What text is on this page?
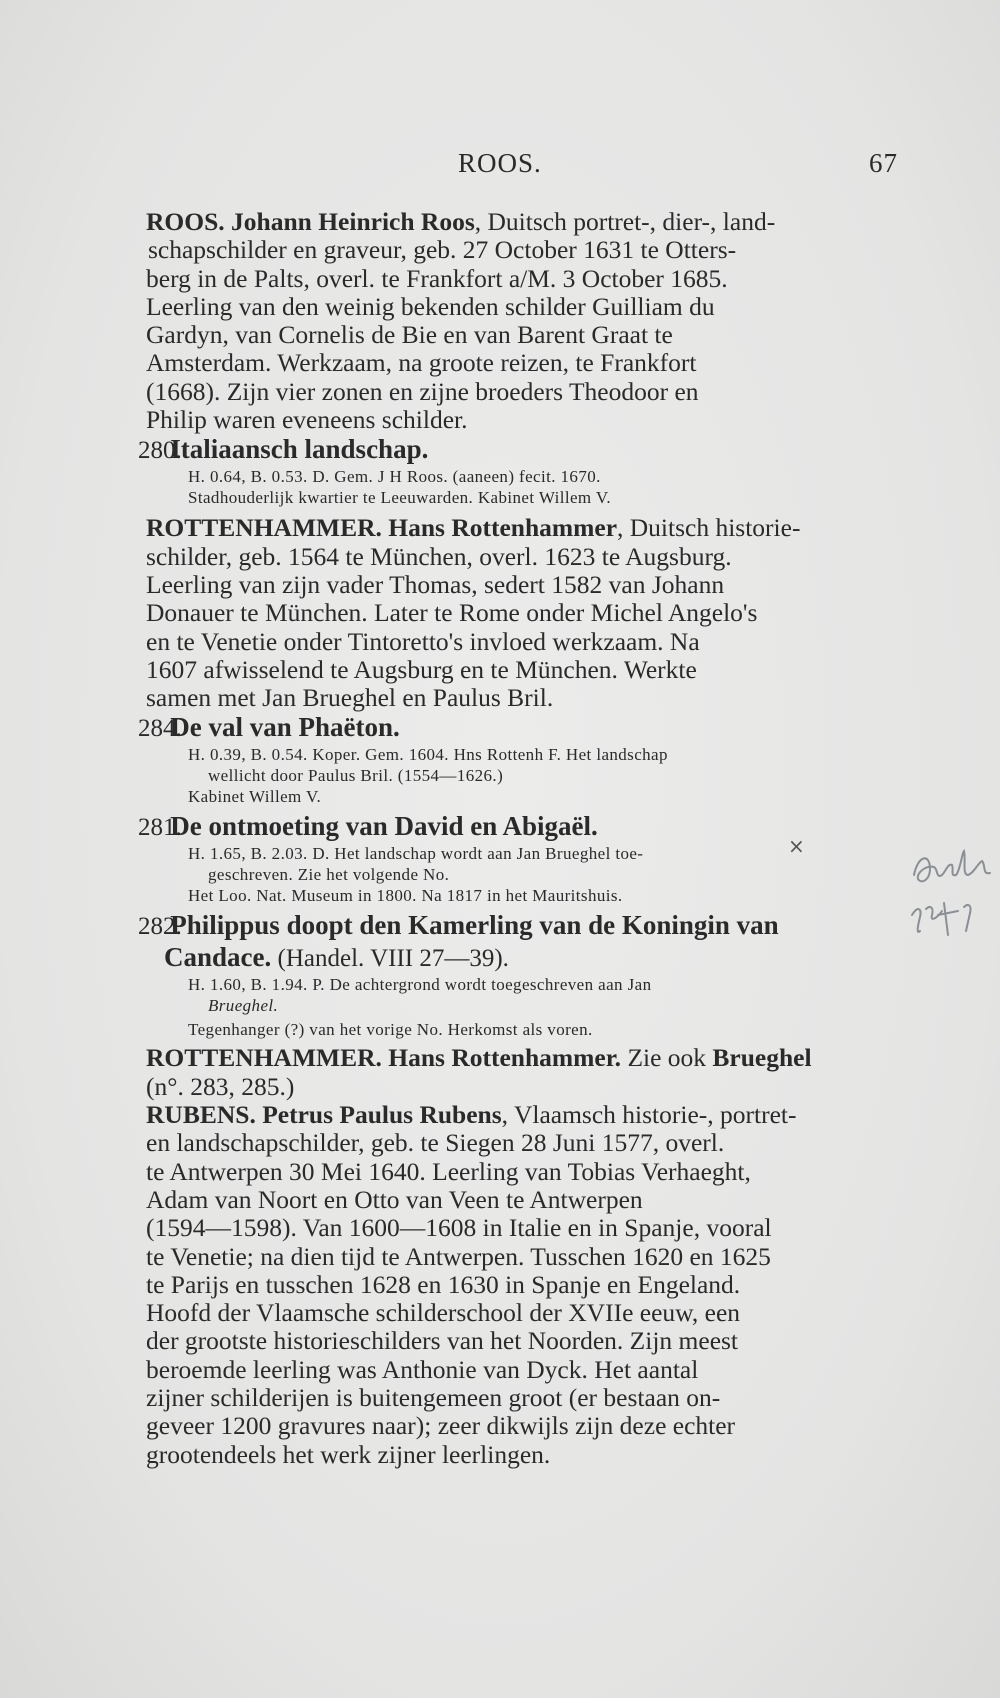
ROOS.	67

ROOS. Johann Heinrich Roos, Duitsch portret-, dier-, land-

schapschilder en graveur, geb. 27 October 1631 te Otters-

berg in de Palts, overl. te Frankfort a/M. 3 October 1685.

Leerling van den weinig bekenden schilder Guilliam du

Gardyn, van Cornelis de Bie en van Barent Graat te

Amsterdam. Werkzaam, na groote reizen, te Frankfort

(1668). Zijn vier zonen en zijne broeders Theodoor en

Philip waren eveneens schilder.

280. Italiaansch landschap.

H. 0.64, B. 0.53. D. Gem. J H Roos. (aaneen) fecit. 1670.

Stadhouderlijk kwartier te Leeuwarden. Kabinet Willem V.

ROTTENHAMMER. Hans Rottenhammer, Duitsch historie-

schilder, geb. 1564 te München, overl. 1623 te Augsburg.

Leerling van zijn vader Thomas, sedert 1582 van Johann

Donauer te München. Later te Rome onder Michel Angelo's

en te Venetie onder Tintoretto's invloed werkzaam. Na

1607 afwisselend te Augsburg en te München. Werkte

samen met Jan Brueghel en Paulus Bril.

284. De val van Phaëton.

H. 0.39, B. 0.54. Koper. Gem. 1604. Hns Rottenh F. Het landschap

wellicht door Paulus Bril. (1554—1626.)

Kabinet Willem V.

281. De ontmoeting van David en Abigaël.

H. 1.65, B. 2.03. D. Het landschap wordt aan Jan Brueghel toe-

geschreven. Zie het volgende No.

Het Loo. Nat. Museum in 1800. Na 1817 in het Mauritshuis.

282. Philippus doopt den Kamerling van de Koningin van

Candace. (Handel. VIII 27—39).

H. 1.60, B. 1.94. P. De achtergrond wordt toegeschreven aan Jan

Brueghel.

Tegenhanger (?) van het vorige No. Herkomst als voren.

ROTTENHAMMER. Hans Rottenhammer. Zie ook Brueghel

(n°. 283, 285.)

RUBENS. Petrus Paulus Rubens, Vlaamsch historie-, portret-

en landschapschilder, geb. te Siegen 28 Juni 1577, overl.

te Antwerpen 30 Mei 1640. Leerling van Tobias Verhaeght,

Adam van Noort en Otto van Veen te Antwerpen

(1594—1598). Van 1600—1608 in Italie en in Spanje, vooral

te Venetie; na dien tijd te Antwerpen. Tusschen 1620 en 1625

te Parijs en tusschen 1628 en 1630 in Spanje en Engeland.

Hoofd der Vlaamsche schilderschool der XVIIe eeuw, een

der grootste historieschilders van het Noorden. Zijn meest

beroemde leerling was Anthonie van Dyck. Het aantal

zijner schilderijen is buitengemeen groot (er bestaan on-

geveer 1200 gravures naar); zeer dikwijls zijn deze echter

grootendeels het werk zijner leerlingen.

×
